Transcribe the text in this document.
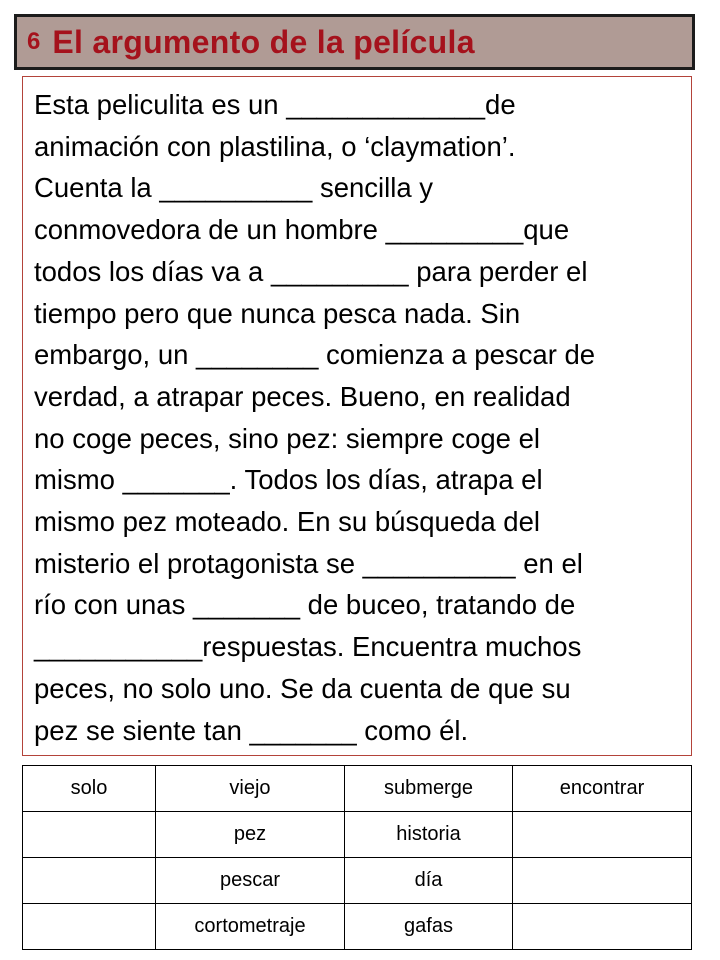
6 El argumento de la película
Esta peliculita es un _____________de
animación con plastilina, o ‘claymation’.
Cuenta la __________ sencilla y
conmovedora de un hombre _________que
todos los días va a _________ para perder el
tiempo pero que nunca pesca nada. Sin
embargo, un ________ comienza a pescar de
verdad, a atrapar peces. Bueno, en realidad
no coge peces, sino pez: siempre coge el
mismo _______. Todos los días, atrapa el
mismo pez moteado. En su búsqueda del
misterio el protagonista se __________ en el
río con unas _______ de buceo, tratando de
___________respuestas. Encuentra muchos
peces, no solo uno. Se da cuenta de que su
pez se siente tan _______ como él.
solo	viejo	submerge	encontrar
	pez	historia	
	pescar	día	
	cortometraje	gafas	
